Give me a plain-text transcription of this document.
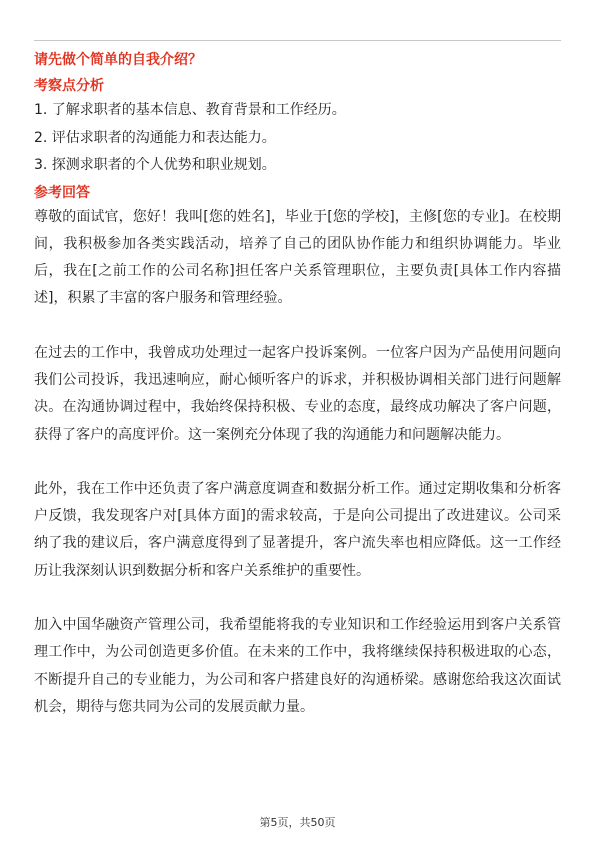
请先做个简单的自我介绍？
考察点分析

1. 了解求职者的基本信息、教育背景和工作经历。

2. 评估求职者的沟通能力和表达能力。

3. 探测求职者的个人优势和职业规划。

参考回答

尊敬的面试官，您好！我叫[您的姓名]，毕业于[您的学校]，主修[您的专业]。在校期间，我积极参加各类实践活动，培养了自己的团队协作能力和组织协调能力。毕业后，我在[之前工作的公司名称]担任客户关系管理职位，主要负责[具体工作内容描述]，积累了丰富的客户服务和管理经验。

在过去的工作中，我曾成功处理过一起客户投诉案例。一位客户因为产品使用问题向我们公司投诉，我迅速响应，耐心倾听客户的诉求，并积极协调相关部门进行问题解决。在沟通协调过程中，我始终保持积极、专业的态度，最终成功解决了客户问题，获得了客户的高度评价。这一案例充分体现了我的沟通能力和问题解决能力。

此外，我在工作中还负责了客户满意度调查和数据分析工作。通过定期收集和分析客户反馈，我发现客户对[具体方面]的需求较高，于是向公司提出了改进建议。公司采纳了我的建议后，客户满意度得到了显著提升，客户流失率也相应降低。这一工作经历让我深刻认识到数据分析和客户关系维护的重要性。

加入中国华融资产管理公司，我希望能将我的专业知识和工作经验运用到客户关系管理工作中，为公司创造更多价值。在未来的工作中，我将继续保持积极进取的心态，不断提升自己的专业能力，为公司和客户搭建良好的沟通桥梁。感谢您给我这次面试机会，期待与您共同为公司的发展贡献力量。

第5页，共50页
